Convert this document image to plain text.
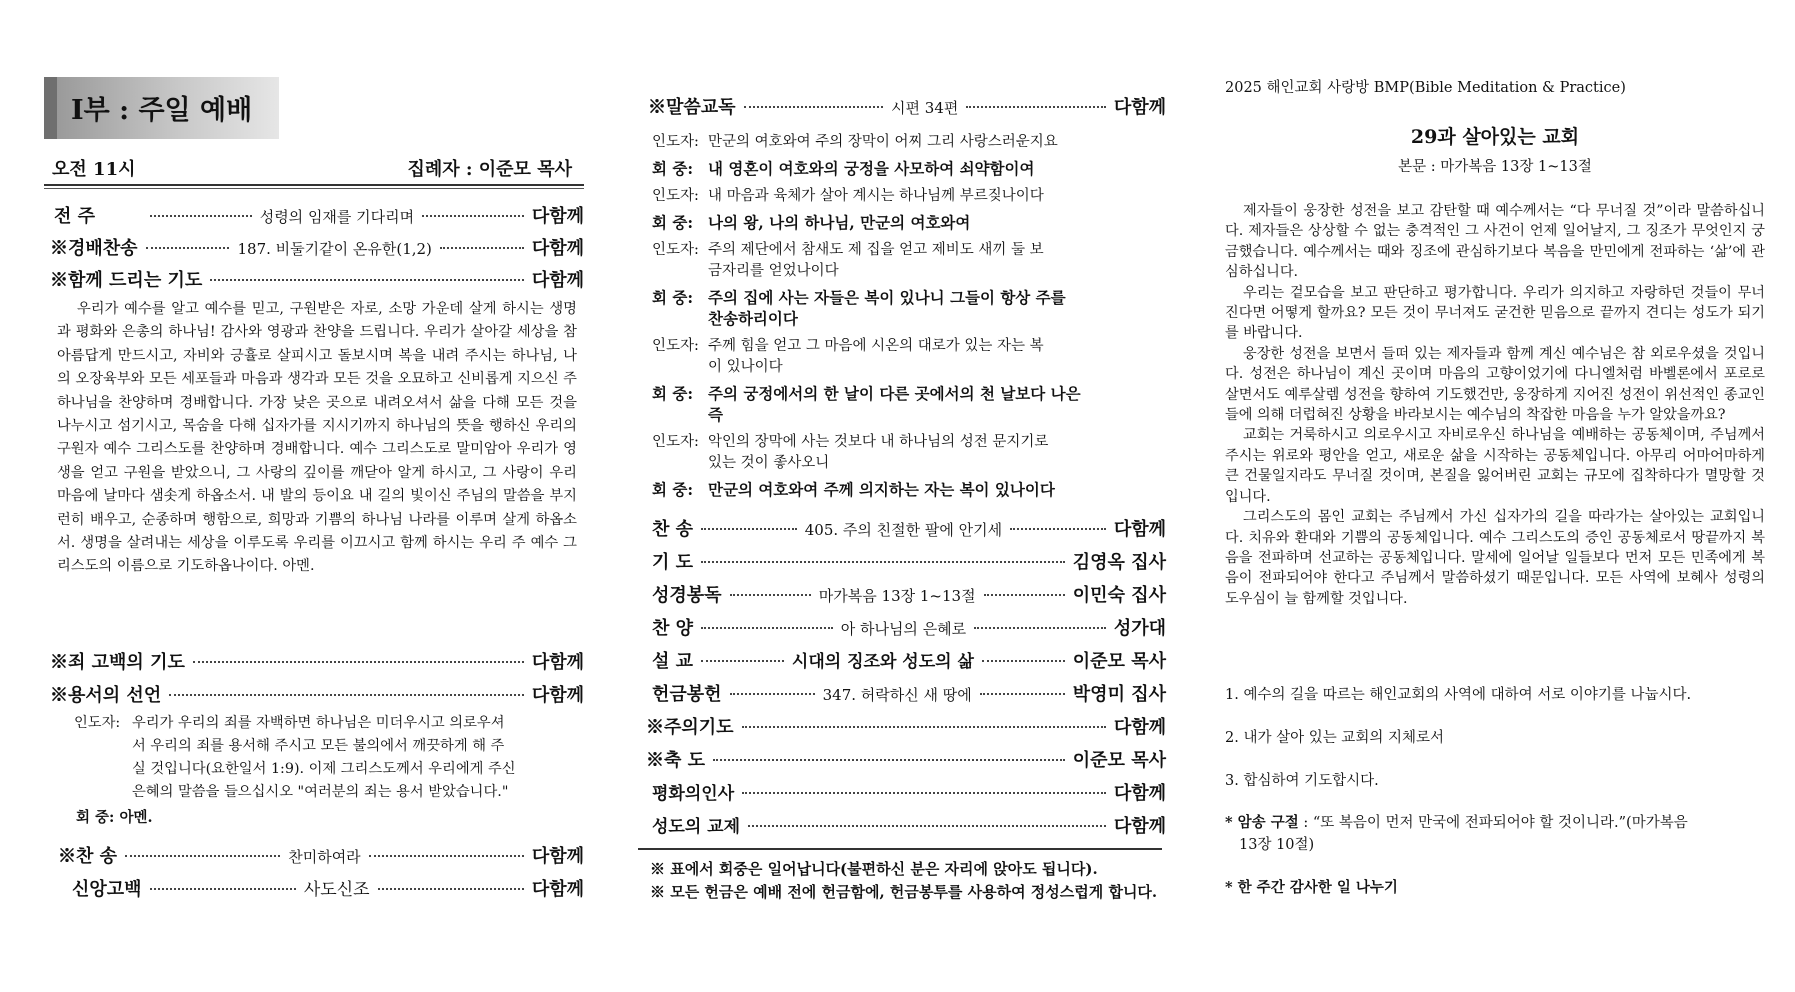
I부 : 주일 예배
오전 11시	집례자 : 이준모 목사
전 주	성령의 임재를 기다리며	다함께
※경배찬송	187. 비둘기같이 온유한(1,2)	다함께
※함께 드리는 기도	다함께
우리가 예수를 알고 예수를 믿고, 구원받은 자로, 소망 가운데 살게 하시는 생명과 평화와 은총의 하나님! 감사와 영광과 찬양을 드립니다. 우리가 살아갈 세상을 참 아름답게 만드시고, 자비와 긍휼로 살피시고 돌보시며 복을 내려 주시는 하나님, 나의 오장육부와 모든 세포들과 마음과 생각과 모든 것을 오묘하고 신비롭게 지으신 주 하나님을 찬양하며 경배합니다. 가장 낮은 곳으로 내려오셔서 삶을 다해 모든 것을 나누시고 섬기시고, 목숨을 다해 십자가를 지시기까지 하나님의 뜻을 행하신 우리의 구원자 예수 그리스도를 찬양하며 경배합니다. 예수 그리스도로 말미암아 우리가 영생을 얻고 구원을 받았으니, 그 사랑의 깊이를 깨닫아 알게 하시고, 그 사랑이 우리 마음에 날마다 샘솟게 하옵소서. 내 발의 등이요 내 길의 빛이신 주님의 말씀을 부지런히 배우고, 순종하며 행함으로, 희망과 기쁨의 하나님 나라를 이루며 살게 하옵소서. 생명을 살려내는 세상을 이루도록 우리를 이끄시고 함께 하시는 우리 주 예수 그리스도의 이름으로 기도하옵나이다. 아멘.
※죄 고백의 기도	다함께
※용서의 선언	다함께
인도자: 우리가 우리의 죄를 자백하면 하나님은 미더우시고 의로우셔
서 우리의 죄를 용서해 주시고 모든 불의에서 깨끗하게 해 주
실 것입니다(요한일서 1:9). 이제 그리스도께서 우리에게 주신
은혜의 말씀을 들으십시오 "여러분의 죄는 용서 받았습니다."
회 중: 아멘.
※찬 송	찬미하여라	다함께
신앙고백	사도신조	다함께
※말씀교독	시편 34편	다함께
인도자: 만군의 여호와여 주의 장막이 어찌 그리 사랑스러운지요
회 중: 내 영혼이 여호와의 궁정을 사모하여 쇠약함이여
인도자: 내 마음과 육체가 살아 계시는 하나님께 부르짖나이다
회 중: 나의 왕, 나의 하나님, 만군의 여호와여
인도자: 주의 제단에서 참새도 제 집을 얻고 제비도 새끼 둘 보
금자리를 얻었나이다
회 중: 주의 집에 사는 자들은 복이 있나니 그들이 항상 주를
찬송하리이다
인도자: 주께 힘을 얻고 그 마음에 시온의 대로가 있는 자는 복
이 있나이다
회 중: 주의 궁정에서의 한 날이 다른 곳에서의 천 날보다 나은
즉
인도자: 악인의 장막에 사는 것보다 내 하나님의 성전 문지기로
있는 것이 좋사오니
회 중: 만군의 여호와여 주께 의지하는 자는 복이 있나이다
찬 송	405. 주의 친절한 팔에 안기세	다함께
기 도	김영옥 집사
성경봉독	마가복음 13장 1~13절	이민숙 집사
찬 양	아 하나님의 은혜로	성가대
설 교	시대의 징조와 성도의 삶	이준모 목사
헌금봉헌	347. 허락하신 새 땅에	박영미 집사
※주의기도	다함께
※축 도	이준모 목사
평화의인사	다함께
성도의 교제	다함께
※ 표에서 회중은 일어납니다(불편하신 분은 자리에 앉아도 됩니다).
※ 모든 헌금은 예배 전에 헌금함에, 헌금봉투를 사용하여 정성스럽게 합니다.
2025 해인교회 사랑방 BMP(Bible Meditation & Practice)
29과 살아있는 교회
본문 : 마가복음 13장 1~13절
제자들이 웅장한 성전을 보고 감탄할 때 예수께서는 “다 무너질 것”이라 말씀하십니다. 제자들은 상상할 수 없는 충격적인 그 사건이 언제 일어날지, 그 징조가 무엇인지 궁금했습니다. 예수께서는 때와 징조에 관심하기보다 복음을 만민에게 전파하는 ‘삶’에 관심하십니다.
우리는 겉모습을 보고 판단하고 평가합니다. 우리가 의지하고 자랑하던 것들이 무너진다면 어떻게 할까요? 모든 것이 무너져도 굳건한 믿음으로 끝까지 견디는 성도가 되기를 바랍니다.
웅장한 성전을 보면서 들떠 있는 제자들과 함께 계신 예수님은 참 외로우셨을 것입니다. 성전은 하나님이 계신 곳이며 마음의 고향이었기에 다니엘처럼 바벨론에서 포로로 살면서도 예루살렘 성전을 향하여 기도했건만, 웅장하게 지어진 성전이 위선적인 종교인들에 의해 더럽혀진 상황을 바라보시는 예수님의 착잡한 마음을 누가 알았을까요?
교회는 거룩하시고 의로우시고 자비로우신 하나님을 예배하는 공동체이며, 주님께서 주시는 위로와 평안을 얻고, 새로운 삶을 시작하는 공동체입니다. 아무리 어마어마하게 큰 건물일지라도 무너질 것이며, 본질을 잃어버린 교회는 규모에 집착하다가 멸망할 것입니다.
그리스도의 몸인 교회는 주님께서 가신 십자가의 길을 따라가는 살아있는 교회입니다. 치유와 환대와 기쁨의 공동체입니다. 예수 그리스도의 증인 공동체로서 땅끝까지 복음을 전파하며 선교하는 공동체입니다. 말세에 일어날 일들보다 먼저 모든 민족에게 복음이 전파되어야 한다고 주님께서 말씀하셨기 때문입니다. 모든 사역에 보혜사 성령의 도우심이 늘 함께할 것입니다.
1. 예수의 길을 따르는 해인교회의 사역에 대하여 서로 이야기를 나눕시다.
2. 내가 살아 있는 교회의 지체로서
3. 합심하여 기도합시다.
* 암송 구절 : “또 복음이 먼저 만국에 전파되어야 할 것이니라.”(마가복음
13장 10절)
* 한 주간 감사한 일 나누기
